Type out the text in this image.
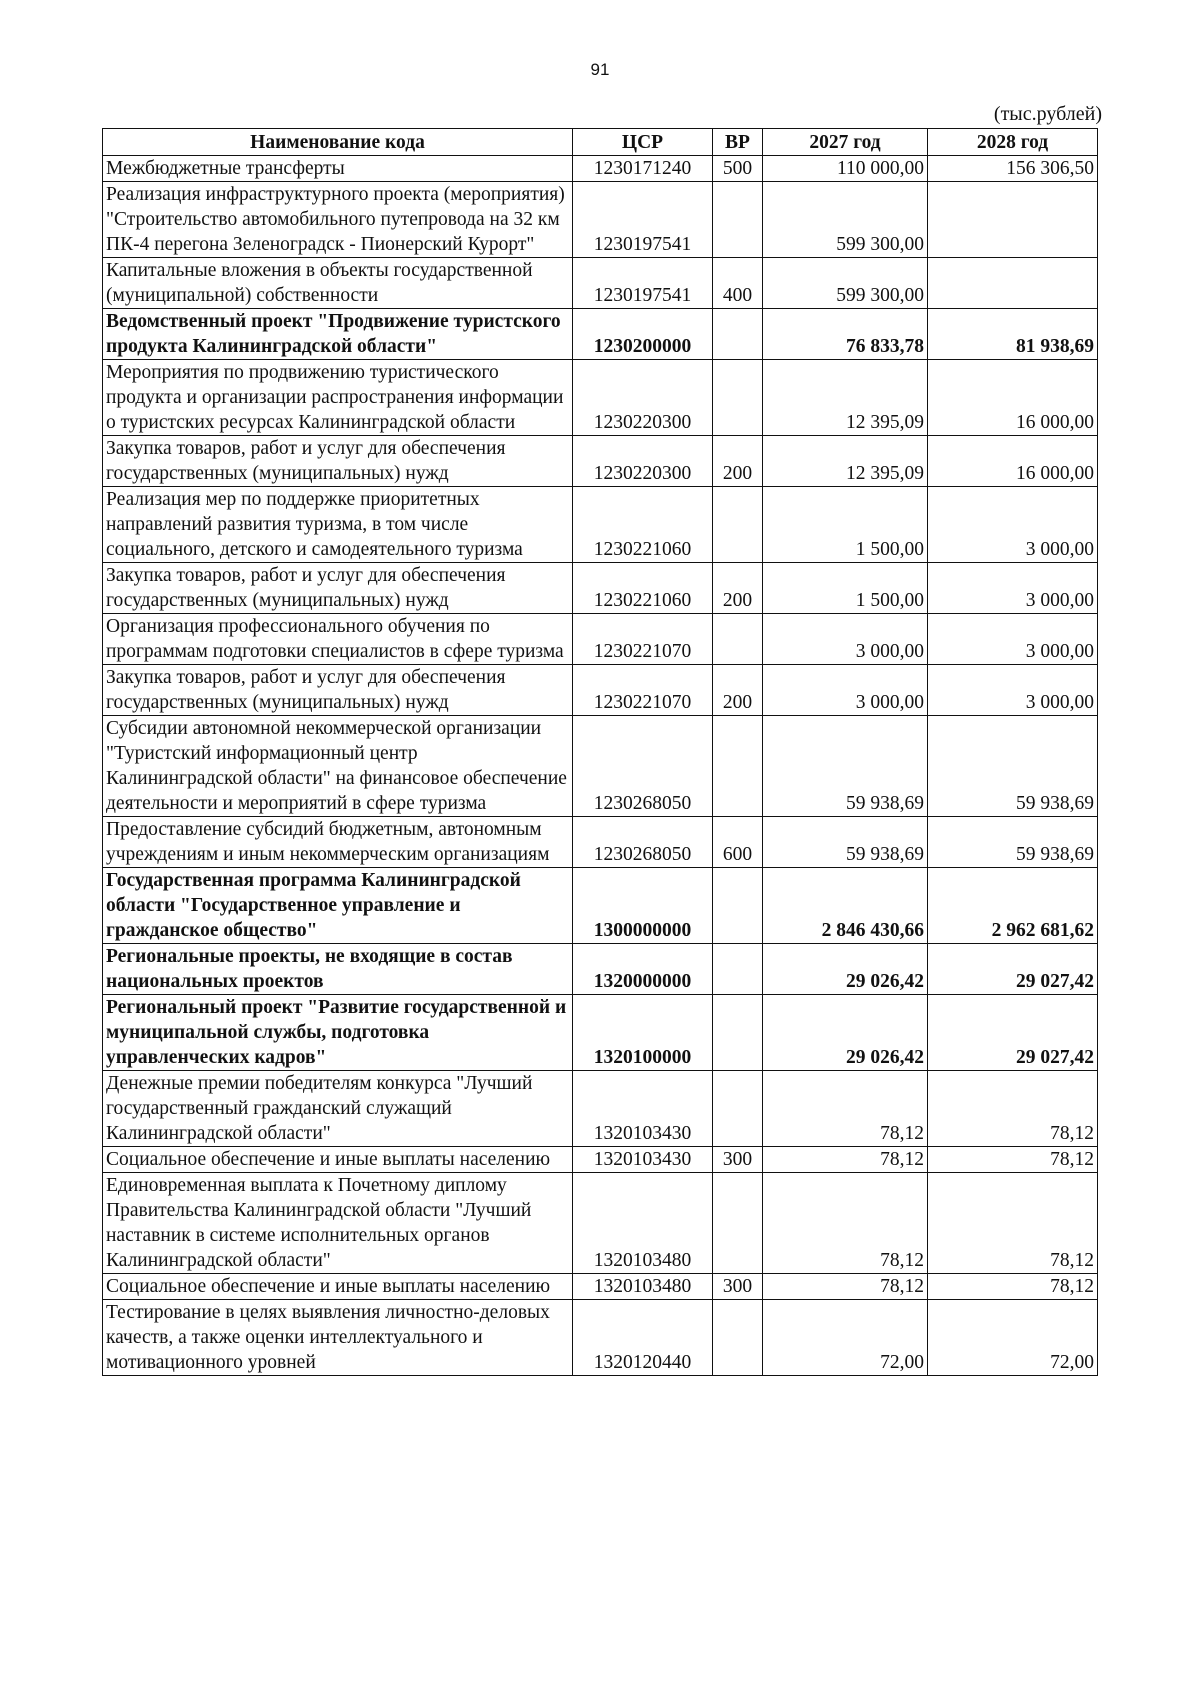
91
(тыс.рублей)
Наименование кода	ЦСР	ВР	2027 год	2028 год
Межбюджетные трансферты	1230171240	500	110 000,00	156 306,50
Реализация инфраструктурного проекта (мероприятия) "Строительство автомобильного путепровода на 32 км ПК-4 перегона Зеленоградск - Пионерский Курорт"	1230197541		599 300,00	
Капитальные вложения в объекты государственной (муниципальной) собственности	1230197541	400	599 300,00	
Ведомственный проект "Продвижение туристского продукта Калининградской области"	1230200000		76 833,78	81 938,69
Мероприятия по продвижению туристического продукта и организации распространения информации о туристских ресурсах Калининградской области	1230220300		12 395,09	16 000,00
Закупка товаров, работ и услуг для обеспечения государственных (муниципальных) нужд	1230220300	200	12 395,09	16 000,00
Реализация мер по поддержке приоритетных направлений развития туризма, в том числе социального, детского и самодеятельного туризма	1230221060		1 500,00	3 000,00
Закупка товаров, работ и услуг для обеспечения государственных (муниципальных) нужд	1230221060	200	1 500,00	3 000,00
Организация профессионального обучения по программам подготовки специалистов в сфере туризма	1230221070		3 000,00	3 000,00
Закупка товаров, работ и услуг для обеспечения государственных (муниципальных) нужд	1230221070	200	3 000,00	3 000,00
Субсидии автономной некоммерческой организации "Туристский информационный центр Калининградской области" на финансовое обеспечение деятельности и мероприятий в сфере туризма	1230268050		59 938,69	59 938,69
Предоставление субсидий бюджетным, автономным учреждениям и иным некоммерческим организациям	1230268050	600	59 938,69	59 938,69
Государственная программа Калининградской области "Государственное управление и гражданское общество"	1300000000		2 846 430,66	2 962 681,62
Региональные проекты, не входящие в состав национальных проектов	1320000000		29 026,42	29 027,42
Региональный проект "Развитие государственной и муниципальной службы, подготовка управленческих кадров"	1320100000		29 026,42	29 027,42
Денежные премии победителям конкурса "Лучший государственный гражданский служащий Калининградской области"	1320103430		78,12	78,12
Социальное обеспечение и иные выплаты населению	1320103430	300	78,12	78,12
Единовременная выплата к Почетному диплому Правительства Калининградской области "Лучший наставник в системе исполнительных органов Калининградской области"	1320103480		78,12	78,12
Социальное обеспечение и иные выплаты населению	1320103480	300	78,12	78,12
Тестирование в целях выявления личностно-деловых качеств, а также оценки интеллектуального и мотивационного уровней	1320120440		72,00	72,00
